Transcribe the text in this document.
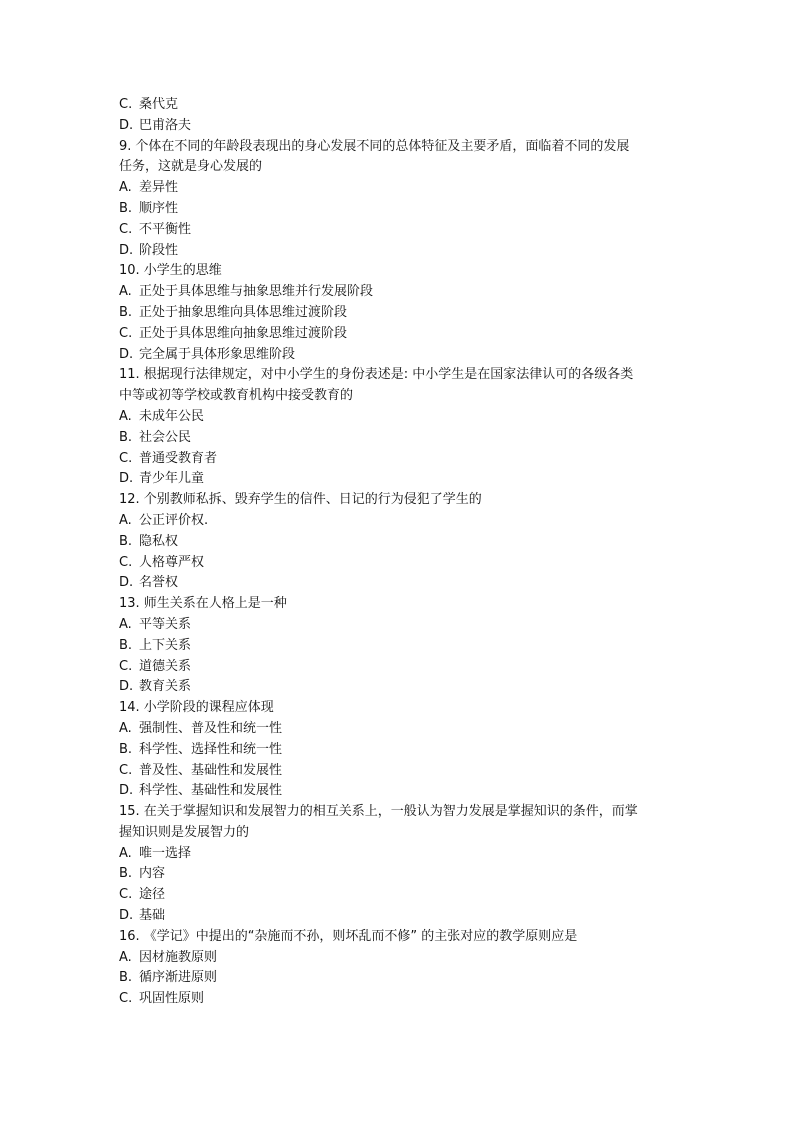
C. 桑代克
D. 巴甫洛夫
9. 个体在不同的年龄段表现出的身心发展不同的总体特征及主要矛盾，面临着不同的发展
任务，这就是身心发展的
A. 差异性
B. 顺序性
C. 不平衡性
D. 阶段性
10. 小学生的思维
A. 正处于具体思维与抽象思维并行发展阶段
B. 正处于抽象思维向具体思维过渡阶段
C. 正处于具体思维向抽象思维过渡阶段
D. 完全属于具体形象思维阶段
11. 根据现行法律规定，对中小学生的身份表述是: 中小学生是在国家法律认可的各级各类
中等或初等学校或教育机构中接受教育的
A. 未成年公民
B. 社会公民
C. 普通受教育者
D. 青少年儿童
12. 个别教师私拆、毁弃学生的信件、日记的行为侵犯了学生的
A. 公正评价权.
B. 隐私权
C. 人格尊严权
D. 名誉权
13. 师生关系在人格上是一种
A. 平等关系
B. 上下关系
C. 道德关系
D. 教育关系
14. 小学阶段的课程应体现
A. 强制性、普及性和统一性
B. 科学性、选择性和统一性
C. 普及性、基础性和发展性
D. 科学性、基础性和发展性
15. 在关于掌握知识和发展智力的相互关系上，一般认为智力发展是掌握知识的条件，而掌
握知识则是发展智力的
A. 唯一选择
B. 内容
C. 途径
D. 基础
16. 《学记》中提出的“杂施而不孙，则坏乱而不修” 的主张对应的教学原则应是
A. 因材施教原则
B. 循序渐进原则
C. 巩固性原则
